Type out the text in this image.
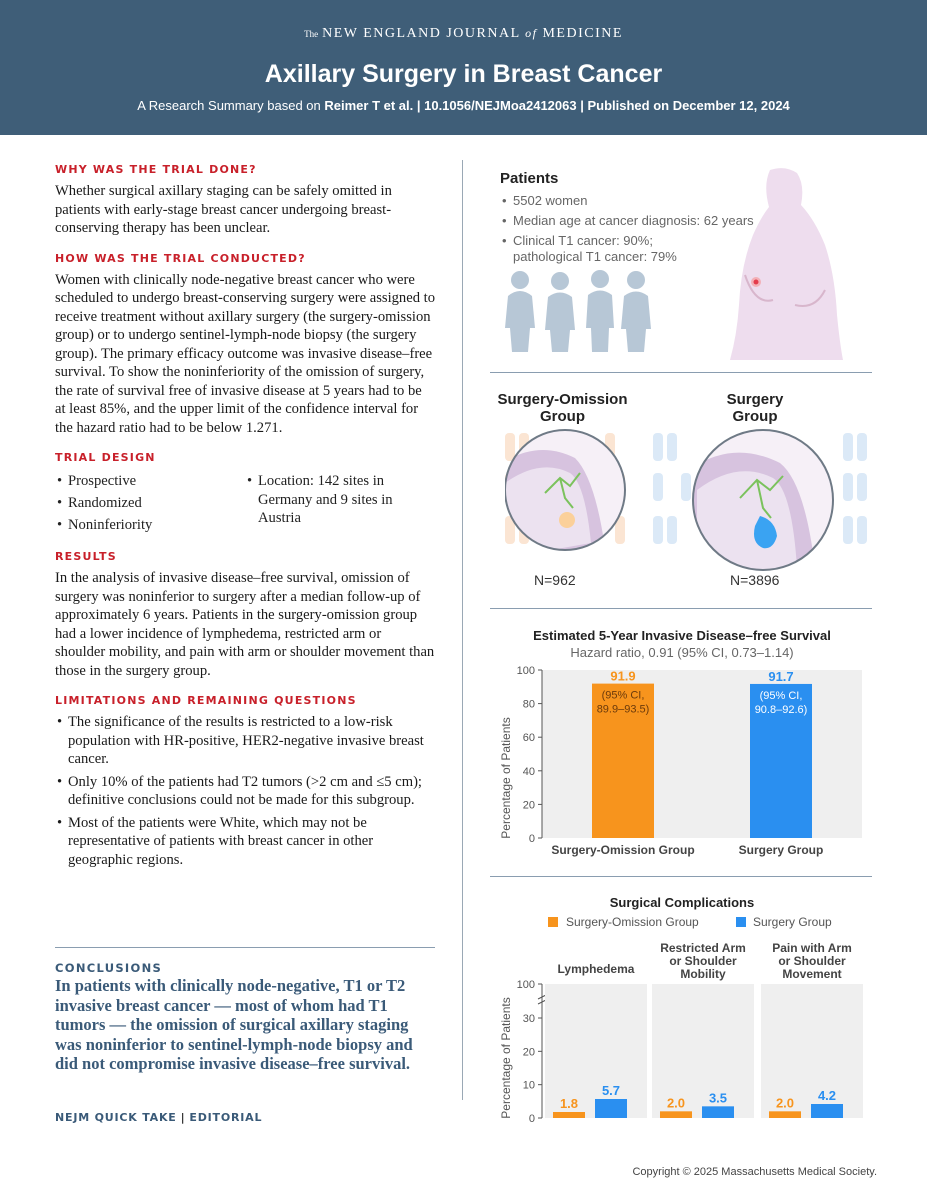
The NEW ENGLAND JOURNAL of MEDICINE
Axillary Surgery in Breast Cancer
A Research Summary based on Reimer T et al. | 10.1056/NEJMoa2412063 | Published on December 12, 2024
WHY WAS THE TRIAL DONE?
Whether surgical axillary staging can be safely omitted in patients with early-stage breast cancer undergoing breast-conserving therapy has been unclear.
HOW WAS THE TRIAL CONDUCTED?
Women with clinically node-negative breast cancer who were scheduled to undergo breast-conserving surgery were assigned to receive treatment without axillary surgery (the surgery-omission group) or to undergo sentinel-lymph-node biopsy (the surgery group). The primary efficacy outcome was invasive disease–free survival. To show the noninferiority of the omission of surgery, the rate of survival free of invasive disease at 5 years had to be at least 85%, and the upper limit of the confidence interval for the hazard ratio had to be below 1.271.
TRIAL DESIGN
• Prospective
• Randomized
• Noninferiority
• Location: 142 sites in Germany and 9 sites in Austria
RESULTS
In the analysis of invasive disease–free survival, omission of surgery was noninferior to surgery after a median follow-up of approximately 6 years. Patients in the surgery-omission group had a lower incidence of lymphedema, restricted arm or shoulder mobility, and pain with arm or shoulder movement than those in the surgery group.
LIMITATIONS AND REMAINING QUESTIONS
• The significance of the results is restricted to a low-risk population with HR-positive, HER2-negative invasive breast cancer.
• Only 10% of the patients had T2 tumors (>2 cm and ≤5 cm); definitive conclusions could not be made for this subgroup.
• Most of the patients were White, which may not be representative of patients with breast cancer in other geographic regions.
CONCLUSIONS
In patients with clinically node-negative, T1 or T2 invasive breast cancer — most of whom had T1 tumors — the omission of surgical axillary staging was noninferior to sentinel-lymph-node biopsy and did not compromise invasive disease–free survival.
NEJM QUICK TAKE | EDITORIAL
Patients
• 5502 women
• Median age at cancer diagnosis: 62 years
• Clinical T1 cancer: 90%;
pathological T1 cancer: 79%
Surgery-Omission
Group
Surgery
Group
N=962	N=3896
Estimated 5-Year Invasive Disease–free Survival
Hazard ratio, 0.91 (95% CI, 0.73–1.14)
Percentage of Patients
0
20
40
60
80
100	91.9
(95% CI,
89.9–93.5)
Surgery-Omission Group
91.7
(95% CI,
90.8–92.6)
Surgery Group
Surgical Complications
Surgery-Omission Group	Surgery Group
Percentage of Patients
0
10
20
30
100
Lymphedema
1.8
5.7
Restricted Arm
or Shoulder
Mobility
2.0 3.5
Pain with Arm
or Shoulder
Movement
2.0 4.2
Copyright © 2025 Massachusetts Medical Society.
